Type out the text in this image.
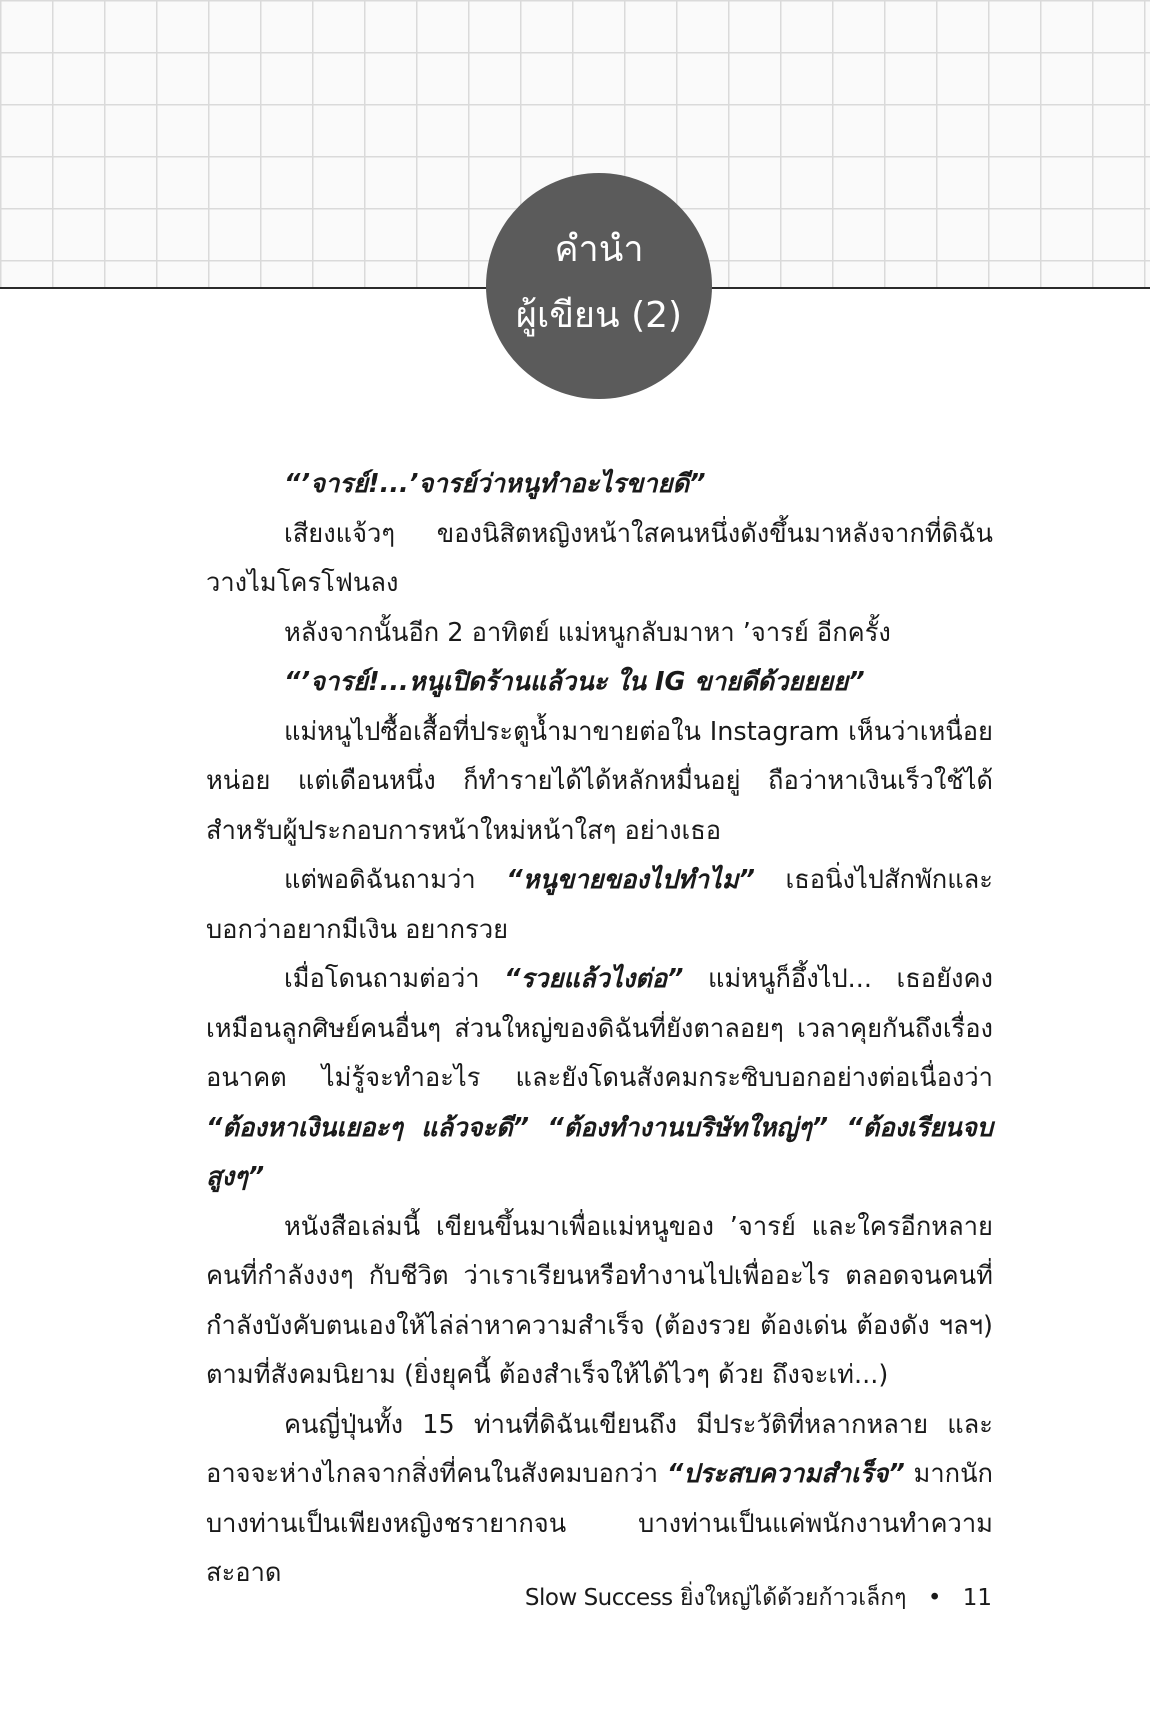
คำนำ
ผู้เขียน (2)

“’จารย์!...’จารย์ว่าหนูทำอะไรขายดี”

เสียงแจ้วๆ ของนิสิตหญิงหน้าใสคนหนึ่งดังขึ้นมาหลังจากที่ดิฉันวางไมโครโฟนลง

หลังจากนั้นอีก 2 อาทิตย์ แม่หนูกลับมาหา ’จารย์ อีกครั้ง

“’จารย์!...หนูเปิดร้านแล้วนะ ใน IG ขายดีด้วยยยย”

แม่หนูไปซื้อเสื้อที่ประตูน้ำมาขายต่อใน Instagram เห็นว่าเหนื่อยหน่อย แต่เดือนหนึ่ง ก็ทำรายได้ได้หลักหมื่นอยู่ ถือว่าหาเงินเร็วใช้ได้สำหรับผู้ประกอบการหน้าใหม่หน้าใสๆ อย่างเธอ

แต่พอดิฉันถามว่า “หนูขายของไปทำไม” เธอนิ่งไปสักพักและบอกว่าอยากมีเงิน อยากรวย

เมื่อโดนถามต่อว่า “รวยแล้วไงต่อ” แม่หนูก็อึ้งไป... เธอยังคงเหมือนลูกศิษย์คนอื่นๆ ส่วนใหญ่ของดิฉันที่ยังตาลอยๆ เวลาคุยกันถึงเรื่องอนาคต ไม่รู้จะทำอะไร และยังโดนสังคมกระซิบบอกอย่างต่อเนื่องว่า “ต้องหาเงินเยอะๆ แล้วจะดี” “ต้องทำงานบริษัทใหญ่ๆ” “ต้องเรียนจบสูงๆ”

หนังสือเล่มนี้ เขียนขึ้นมาเพื่อแม่หนูของ ’จารย์ และใครอีกหลายคนที่กำลังงงๆ กับชีวิต ว่าเราเรียนหรือทำงานไปเพื่ออะไร ตลอดจนคนที่กำลังบังคับตนเองให้ไล่ล่าหาความสำเร็จ (ต้องรวย ต้องเด่น ต้องดัง ฯลฯ) ตามที่สังคมนิยาม (ยิ่งยุคนี้ ต้องสำเร็จให้ได้ไวๆ ด้วย ถึงจะเท่...)

คนญี่ปุ่นทั้ง 15 ท่านที่ดิฉันเขียนถึง มีประวัติที่หลากหลาย และอาจจะห่างไกลจากสิ่งที่คนในสังคมบอกว่า “ประสบความสำเร็จ” มากนัก บางท่านเป็นเพียงหญิงชรายากจน บางท่านเป็นแค่พนักงานทำความสะอาด

Slow Success ยิ่งใหญ่ได้ด้วยก้าวเล็กๆ • 11
